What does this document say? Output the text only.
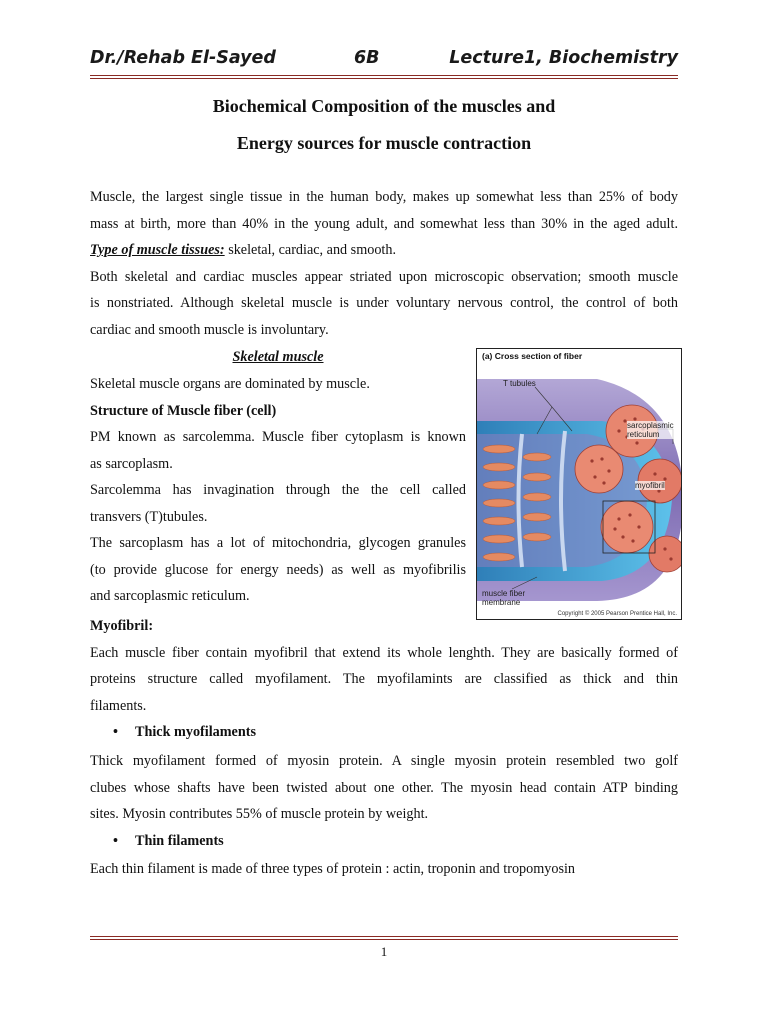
Dr./Rehab El-Sayed	6B	Lecture1, Biochemistry
Biochemical Composition of the muscles and
Energy sources for muscle contraction
Muscle, the largest single tissue in the human body, makes up somewhat less than 25% of body
mass at birth, more than 40% in the young adult, and somewhat less than 30% in the aged adult.
Type of muscle tissues: skeletal, cardiac, and smooth.
Both skeletal and cardiac muscles appear striated upon microscopic observation; smooth muscle
is nonstriated. Although skeletal muscle is under voluntary nervous control, the control of both
cardiac and smooth muscle is involuntary.
Skeletal muscle
Skeletal muscle organs are dominated by muscle.
Structure of Muscle fiber (cell)
PM known as sarcolemma. Muscle fiber cytoplasm is known
as sarcoplasm.
Sarcolemma has invagination through the the cell called
transvers (T)tubules.
The sarcoplasm has a lot of mitochondria, glycogen granules
(to provide glucose for energy needs) as well as myofibrilis
and sarcoplasmic reticulum.
(a) Cross section of fiber
T tubules
sarcoplasmic
reticulum
myofibril
muscle fiber
membrane
Copyright © 2005 Pearson Prentice Hall, Inc.
Myofibril:
Each muscle fiber contain myofibril that extend its whole lenghth. They are basically formed of
proteins structure called myofilament. The myofilamints are classified as thick and thin
filaments.
• Thick myofilaments
Thick myofilament formed of myosin protein. A single myosin protein resembled two golf
clubes whose shafts have been twisted about one other. The myosin head contain ATP binding
sites. Myosin contributes 55% of muscle protein by weight.
• Thin filaments
Each thin filament is made of three types of protein : actin, troponin and tropomyosin
1
